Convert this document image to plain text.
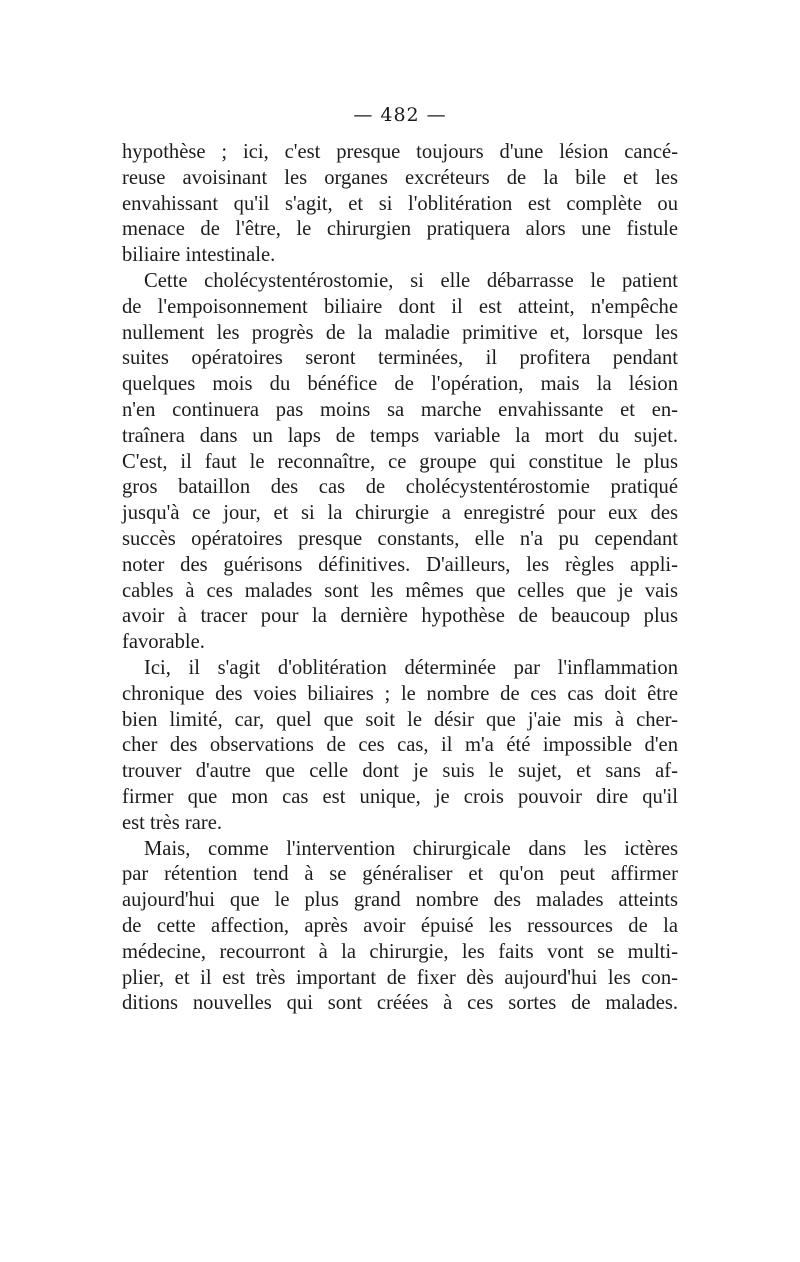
— 482 —
hypothèse ; ici, c'est presque toujours d'une lésion cancé-
reuse avoisinant les organes excréteurs de la bile et les
envahissant qu'il s'agit, et si l'oblitération est complète ou
menace de l'être, le chirurgien pratiquera alors une fistule
biliaire intestinale.
Cette cholécystentérostomie, si elle débarrasse le patient
de l'empoisonnement biliaire dont il est atteint, n'empêche
nullement les progrès de la maladie primitive et, lorsque les
suites opératoires seront terminées, il profitera pendant
quelques mois du bénéfice de l'opération, mais la lésion
n'en continuera pas moins sa marche envahissante et en-
traînera dans un laps de temps variable la mort du sujet.
C'est, il faut le reconnaître, ce groupe qui constitue le plus
gros bataillon des cas de cholécystentérostomie pratiqué
jusqu'à ce jour, et si la chirurgie a enregistré pour eux des
succès opératoires presque constants, elle n'a pu cependant
noter des guérisons définitives. D'ailleurs, les règles appli-
cables à ces malades sont les mêmes que celles que je vais
avoir à tracer pour la dernière hypothèse de beaucoup plus
favorable.
Ici, il s'agit d'oblitération déterminée par l'inflammation
chronique des voies biliaires ; le nombre de ces cas doit être
bien limité, car, quel que soit le désir que j'aie mis à cher-
cher des observations de ces cas, il m'a été impossible d'en
trouver d'autre que celle dont je suis le sujet, et sans af-
firmer que mon cas est unique, je crois pouvoir dire qu'il
est très rare.
Mais, comme l'intervention chirurgicale dans les ictères
par rétention tend à se généraliser et qu'on peut affirmer
aujourd'hui que le plus grand nombre des malades atteints
de cette affection, après avoir épuisé les ressources de la
médecine, recourront à la chirurgie, les faits vont se multi-
plier, et il est très important de fixer dès aujourd'hui les con-
ditions nouvelles qui sont créées à ces sortes de malades.
